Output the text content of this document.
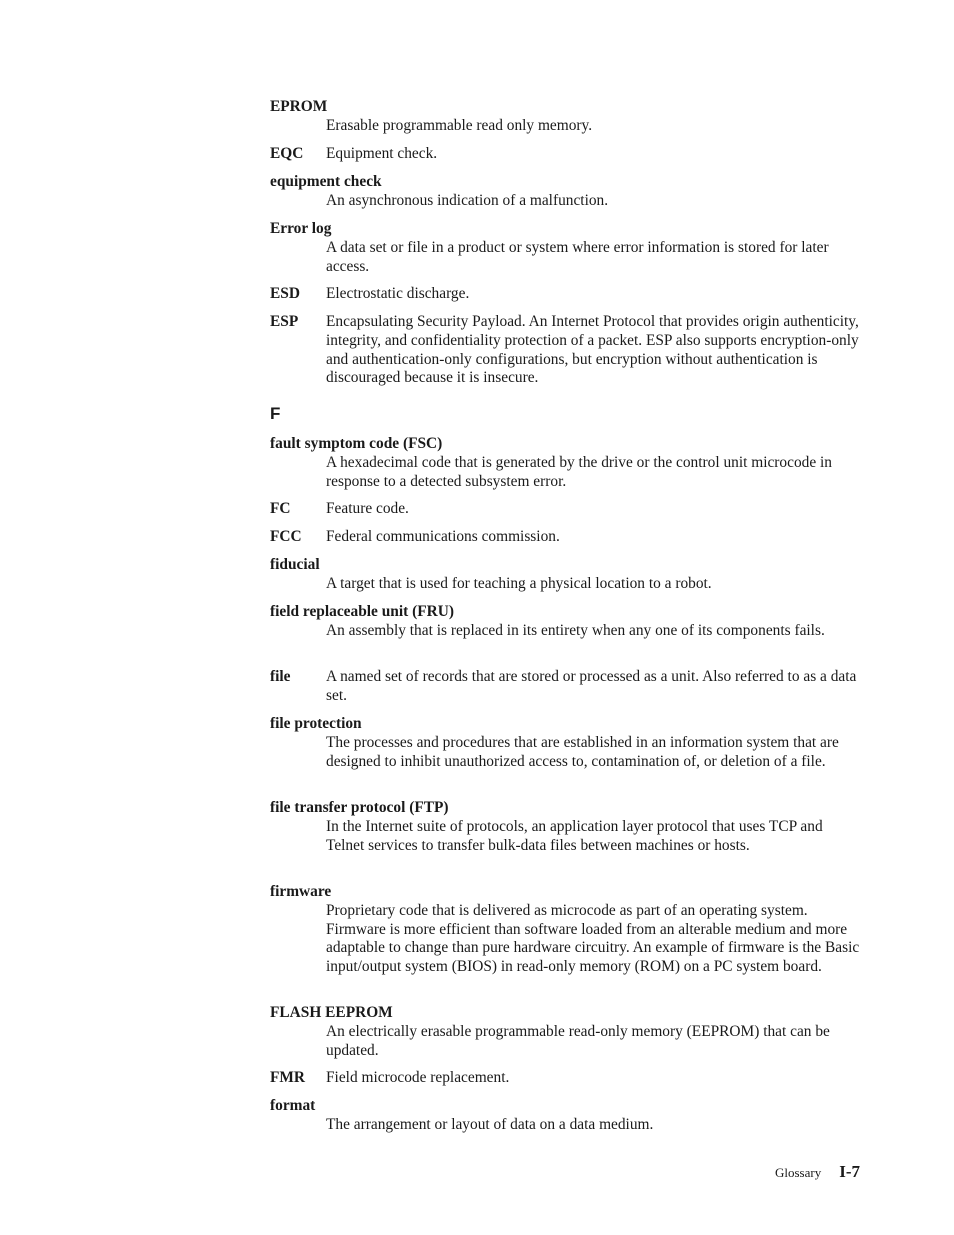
EPROM
Erasable programmable read only memory.
EQC Equipment check.
equipment check
An asynchronous indication of a malfunction.
Error log
A data set or file in a product or system where error information is stored for later access.
ESD Electrostatic discharge.
ESP Encapsulating Security Payload. An Internet Protocol that provides origin authenticity, integrity, and confidentiality protection of a packet. ESP also supports encryption-only and authentication-only configurations, but encryption without authentication is discouraged because it is insecure.
F
fault symptom code (FSC)
A hexadecimal code that is generated by the drive or the control unit microcode in response to a detected subsystem error.
FC Feature code.
FCC Federal communications commission.
fiducial
A target that is used for teaching a physical location to a robot.
field replaceable unit (FRU)
An assembly that is replaced in its entirety when any one of its components fails.
file A named set of records that are stored or processed as a unit. Also referred to as a data set.
file protection
The processes and procedures that are established in an information system that are designed to inhibit unauthorized access to, contamination of, or deletion of a file.
file transfer protocol (FTP)
In the Internet suite of protocols, an application layer protocol that uses TCP and Telnet services to transfer bulk-data files between machines or hosts.
firmware
Proprietary code that is delivered as microcode as part of an operating system. Firmware is more efficient than software loaded from an alterable medium and more adaptable to change than pure hardware circuitry. An example of firmware is the Basic input/output system (BIOS) in read-only memory (ROM) on a PC system board.
FLASH EEPROM
An electrically erasable programmable read-only memory (EEPROM) that can be updated.
FMR Field microcode replacement.
format
The arrangement or layout of data on a data medium.
Glossary I-7
